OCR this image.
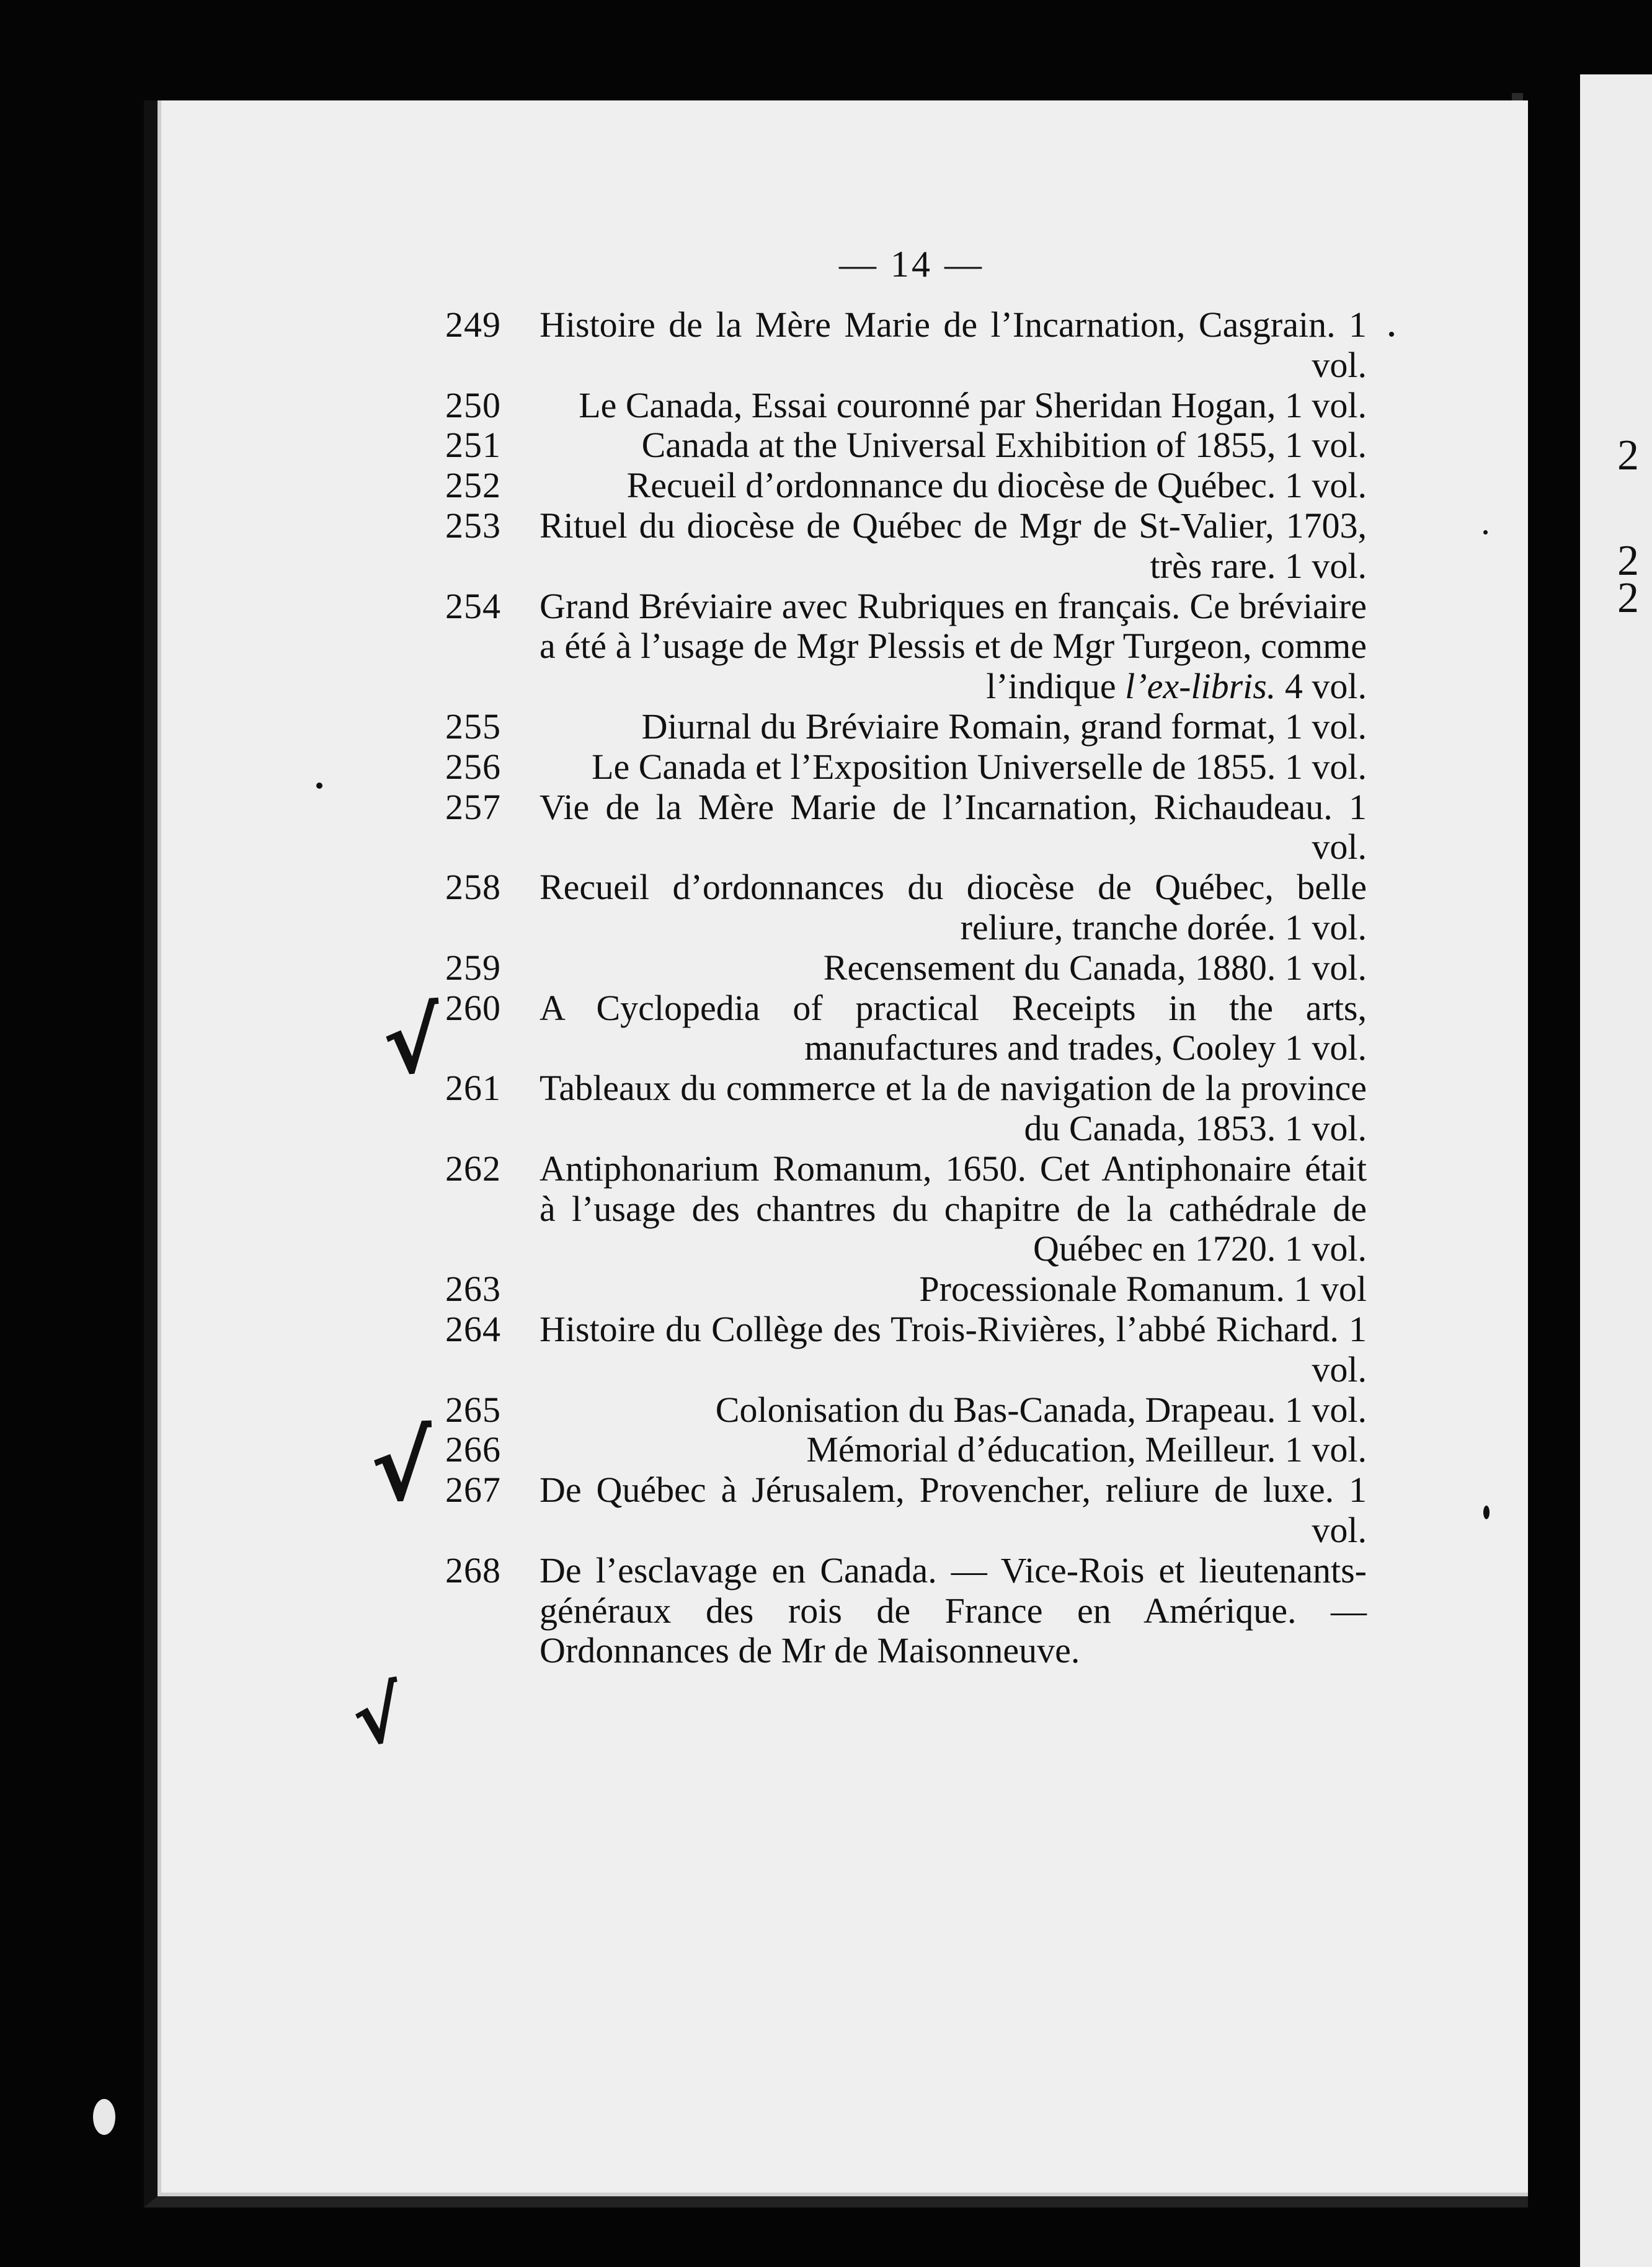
2
2
2
— 14 —
249	Histoire de la Mère Marie de l’Incarnation, Casgrain. 1 vol.
250	Le Canada, Essai couronné par Sheridan Hogan, 1 vol.
251	Canada at the Universal Exhibition of 1855, 1 vol.
252	Recueil d’ordonnance du diocèse de Québec. 1 vol.
253	Rituel du diocèse de Québec de Mgr de St-Valier, 1703, très rare. 1 vol.
254	Grand Bréviaire avec Rubriques en français. Ce bréviaire a été à l’usage de Mgr Plessis et de Mgr Turgeon, comme l’indique l’ex-libris. 4 vol.
255	Diurnal du Bréviaire Romain, grand format, 1 vol.
256	Le Canada et l’Exposition Universelle de 1855. 1 vol.
257	Vie de la Mère Marie de l’Incarnation, Richaudeau. 1 vol.
258	Recueil d’ordonnances du diocèse de Québec, belle reliure, tranche dorée. 1 vol.
259	Recensement du Canada, 1880. 1 vol.
260	A Cyclopedia of practical Receipts in the arts, manufactures and trades, Cooley 1 vol.
261	Tableaux du commerce et la de navigation de la province du Canada, 1853. 1 vol.
262	Antiphonarium Romanum, 1650. Cet Antiphonaire était à l’usage des chantres du chapitre de la cathédrale de Québec en 1720. 1 vol.
263	Processionale Romanum. 1 vol
264	Histoire du Collège des Trois-Rivières, l’abbé Richard. 1 vol.
265	Colonisation du Bas-Canada, Drapeau. 1 vol.
266	Mémorial d’éducation, Meilleur. 1 vol.
267	De Québec à Jérusalem, Provencher, reliure de luxe. 1 vol.
268	De l’esclavage en Canada. — Vice-Rois et lieutenants-généraux des rois de France en Amérique. — Ordonnances de Mr de Maisonneuve.
√
√
√
